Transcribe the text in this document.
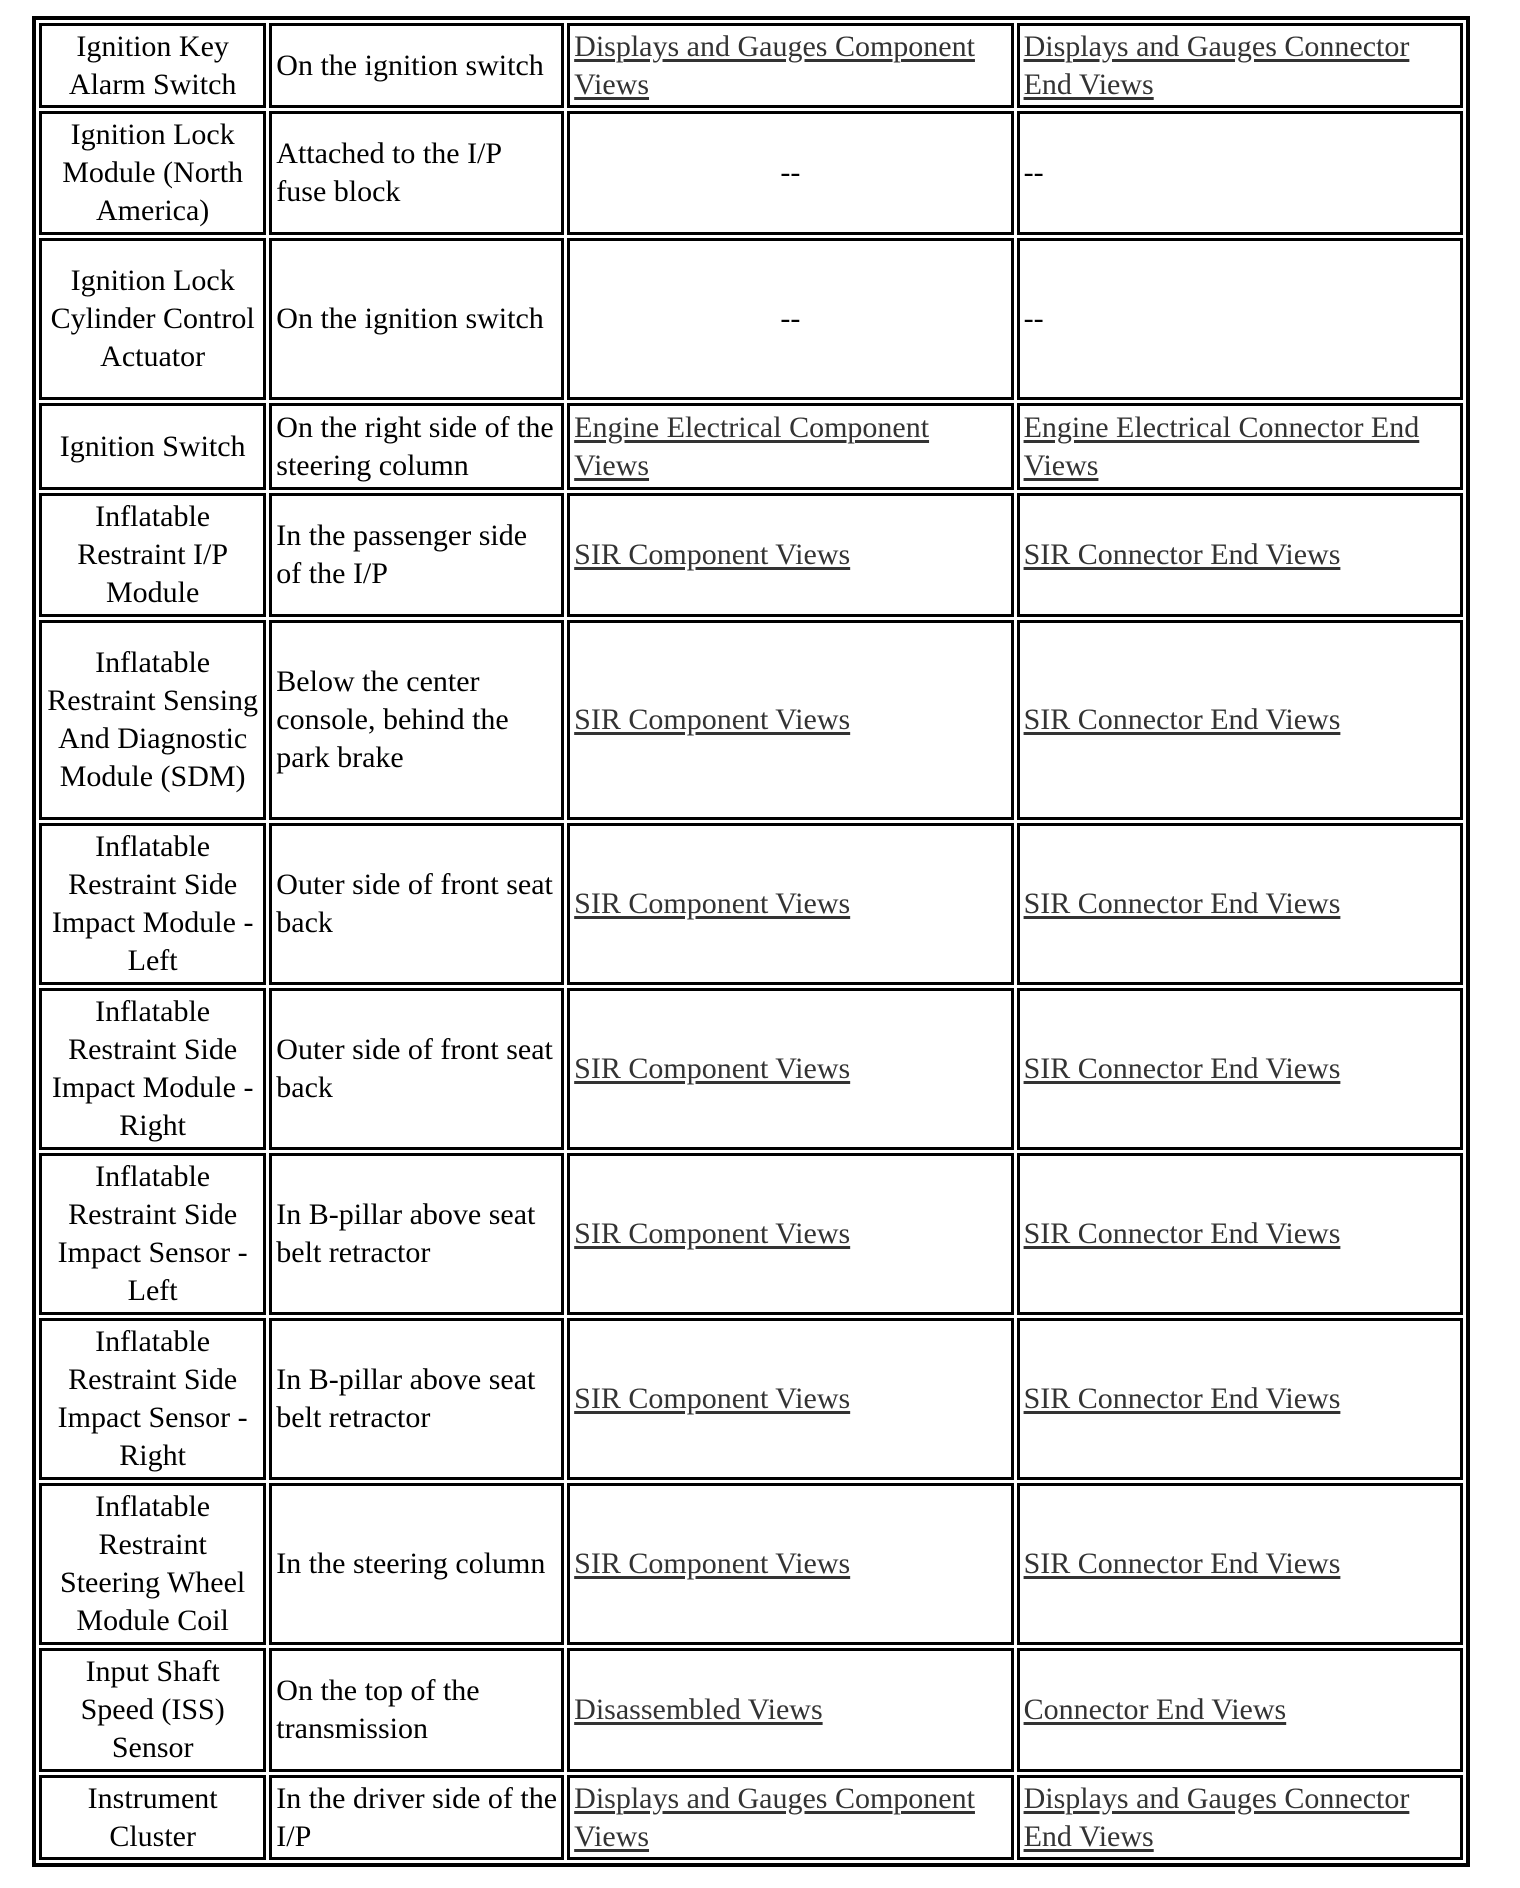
Ignition Key Alarm Switch	On the ignition switch	Displays and Gauges Component Views	Displays and Gauges Connector End Views
Ignition Lock Module (North America)	Attached to the I/P fuse block	--	--
Ignition Lock Cylinder Control Actuator	On the ignition switch	--	--
Ignition Switch	On the right side of the steering column	Engine Electrical Component Views	Engine Electrical Connector End Views
Inflatable Restraint I/P Module	In the passenger side of the I/P	SIR Component Views	SIR Connector End Views
Inflatable Restraint Sensing And Diagnostic Module (SDM)	Below the center console, behind the park brake	SIR Component Views	SIR Connector End Views
Inflatable Restraint Side Impact Module - Left	Outer side of front seat back	SIR Component Views	SIR Connector End Views
Inflatable Restraint Side Impact Module - Right	Outer side of front seat back	SIR Component Views	SIR Connector End Views
Inflatable Restraint Side Impact Sensor - Left	In B-pillar above seat belt retractor	SIR Component Views	SIR Connector End Views
Inflatable Restraint Side Impact Sensor - Right	In B-pillar above seat belt retractor	SIR Component Views	SIR Connector End Views
Inflatable Restraint Steering Wheel Module Coil	In the steering column	SIR Component Views	SIR Connector End Views
Input Shaft Speed (ISS) Sensor	On the top of the transmission	Disassembled Views	Connector End Views
Instrument Cluster	In the driver side of the I/P	Displays and Gauges Component Views	Displays and Gauges Connector End Views
